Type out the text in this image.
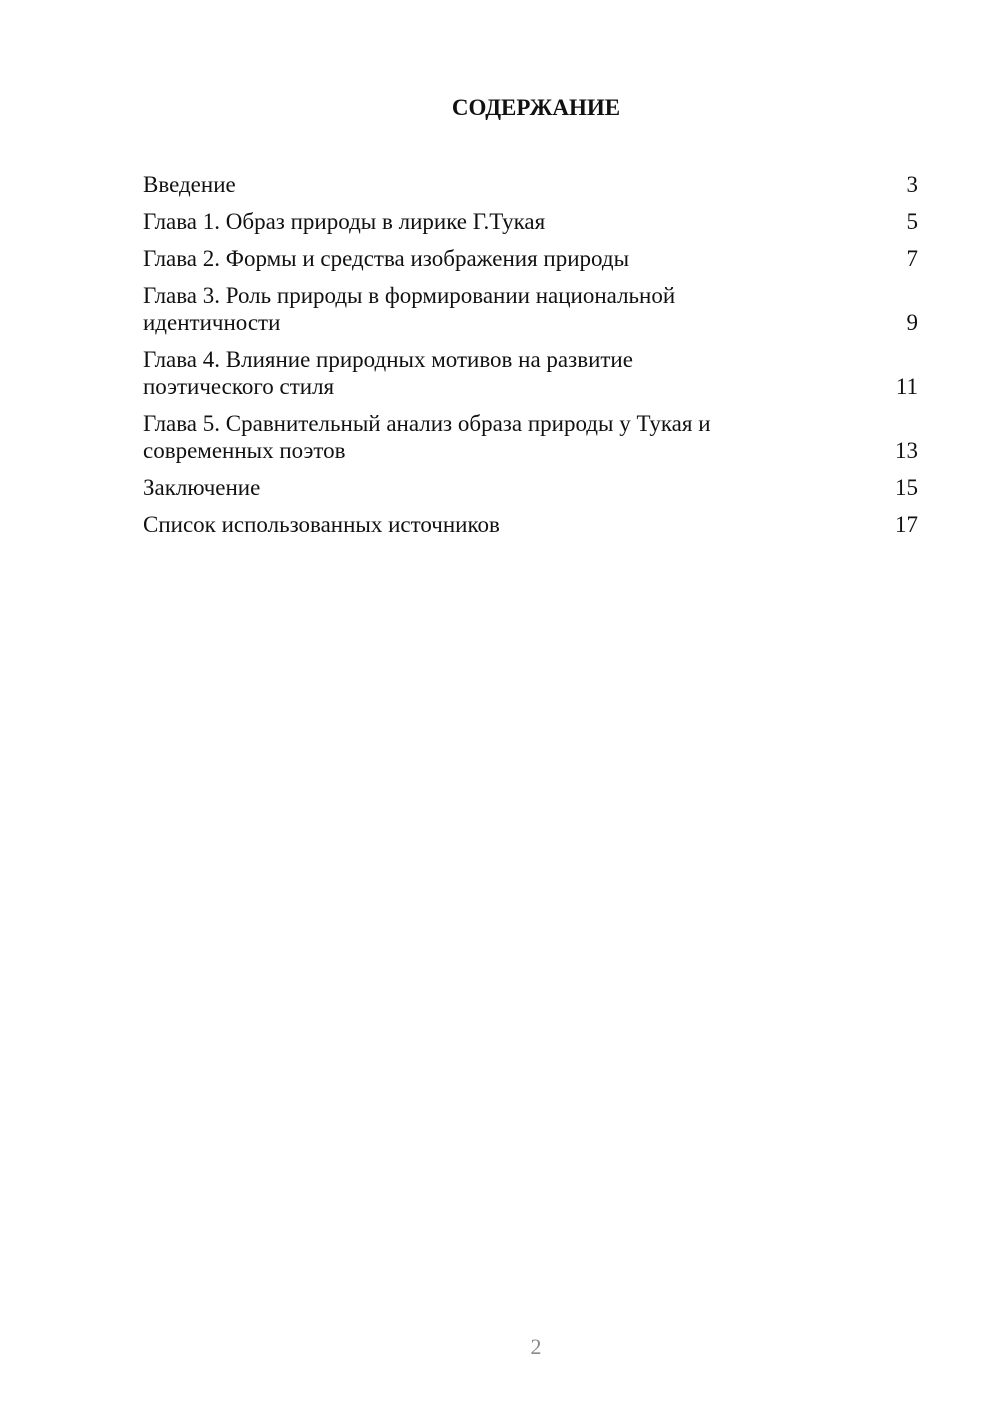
СОДЕРЖАНИЕ
Введение	3
Глава 1. Образ природы в лирике Г.Тукая	5
Глава 2. Формы и средства изображения природы	7
Глава 3. Роль природы в формировании национальной
идентичности	9
Глава 4. Влияние природных мотивов на развитие
поэтического стиля	11
Глава 5. Сравнительный анализ образа природы у Тукая и
современных поэтов	13
Заключение	15
Список использованных источников	17
2
